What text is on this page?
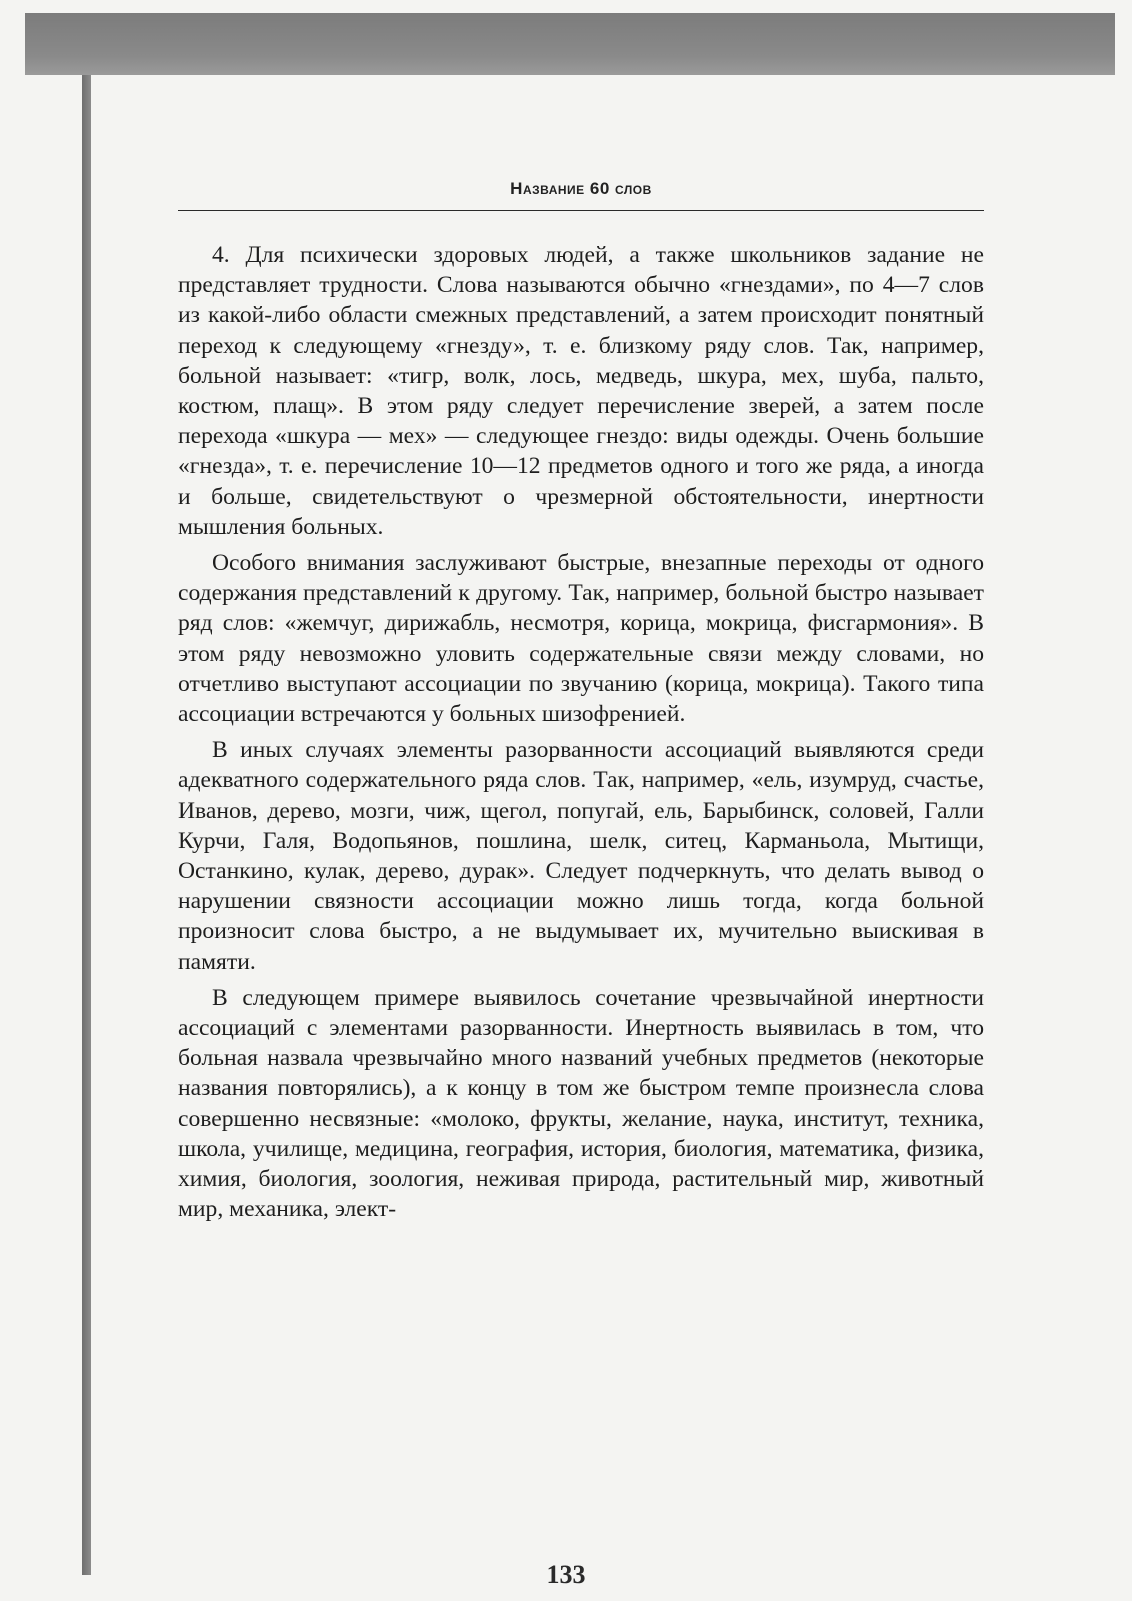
Название 60 слов

4. Для психически здоровых людей, а также школьников задание не представляет трудности. Слова называются обычно «гнездами», по 4—7 слов из какой-либо области смежных представлений, а затем происходит понятный переход к следующему «гнезду», т. е. близкому ряду слов. Так, например, больной называет: «тигр, волк, лось, медведь, шкура, мех, шуба, пальто, костюм, плащ». В этом ряду следует перечисление зверей, а затем после перехода «шкура — мех» — следующее гнездо: виды одежды. Очень большие «гнезда», т. е. перечисление 10—12 предметов одного и того же ряда, а иногда и больше, свидетельствуют о чрезмерной обстоятельности, инертности мышления больных.

Особого внимания заслуживают быстрые, внезапные переходы от одного содержания представлений к другому. Так, например, больной быстро называет ряд слов: «жемчуг, дирижабль, несмотря, корица, мокрица, фисгармония». В этом ряду невозможно уловить содержательные связи между словами, но отчетливо выступают ассоциации по звучанию (корица, мокрица). Такого типа ассоциации встречаются у больных шизофренией.

В иных случаях элементы разорванности ассоциаций выявляются среди адекватного содержательного ряда слов. Так, например, «ель, изумруд, счастье, Иванов, дерево, мозги, чиж, щегол, попугай, ель, Барыбинск, соловей, Галли Курчи, Галя, Водопьянов, пошлина, шелк, ситец, Карманьола, Мытищи, Останкино, кулак, дерево, дурак». Следует подчеркнуть, что делать вывод о нарушении связности ассоциации можно лишь тогда, когда больной произносит слова быстро, а не выдумывает их, мучительно выискивая в памяти.

В следующем примере выявилось сочетание чрезвычайной инертности ассоциаций с элементами разорванности. Инертность выявилась в том, что больная назвала чрезвычайно много названий учебных предметов (некоторые названия повторялись), а к концу в том же быстром темпе произнесла слова совершенно несвязные: «молоко, фрукты, желание, наука, институт, техника, школа, училище, медицина, география, история, биология, математика, физика, химия, биология, зоология, неживая природа, растительный мир, животный мир, механика, элект-

133
